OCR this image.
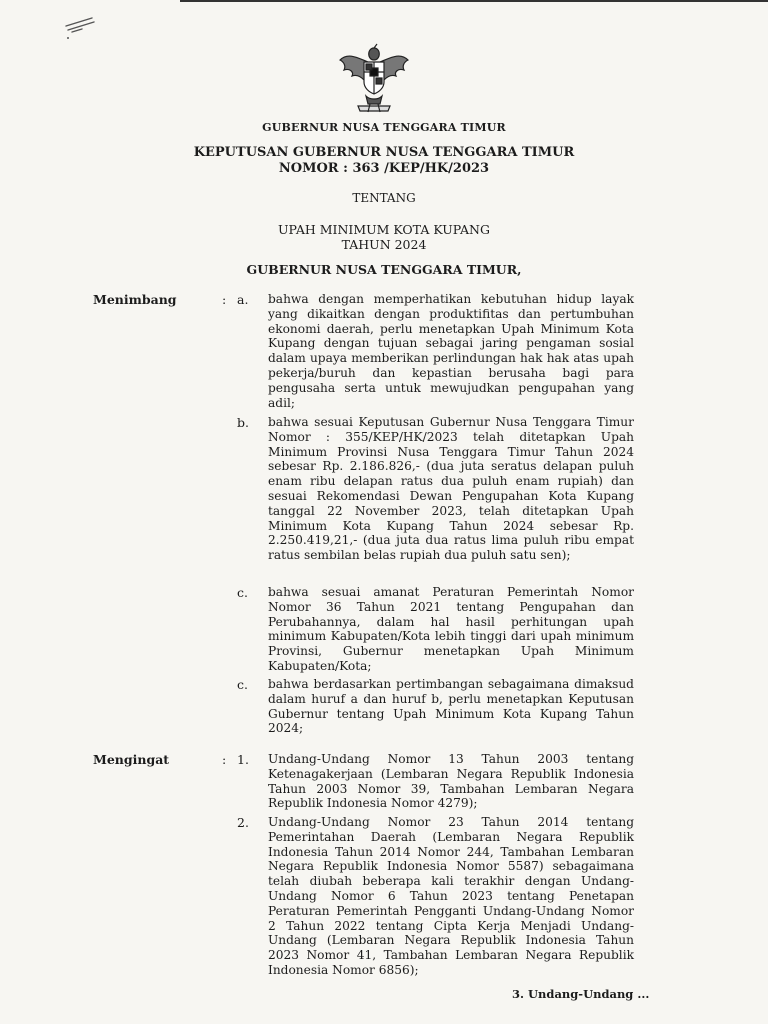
GUBERNUR NUSA TENGGARA TIMUR
KEPUTUSAN GUBERNUR NUSA TENGGARA TIMUR
NOMOR : 363 /KEP/HK/2023
TENTANG
UPAH MINIMUM KOTA KUPANG
TAHUN 2024
GUBERNUR NUSA TENGGARA TIMUR,
Menimbang	: a. bahwa dengan memperhatikan kebutuhan hidup layak yang dikaitkan dengan produktifitas dan pertumbuhan ekonomi daerah, perlu menetapkan Upah Minimum Kota Kupang dengan tujuan sebagai jaring pengaman sosial dalam upaya memberikan perlindungan hak hak atas upah pekerja/buruh dan kepastian berusaha bagi para pengusaha serta untuk mewujudkan pengupahan yang adil;
b. bahwa sesuai Keputusan Gubernur Nusa Tenggara Timur Nomor : 355/KEP/HK/2023 telah ditetapkan Upah Minimum Provinsi Nusa Tenggara Timur Tahun 2024 sebesar Rp. 2.186.826,- (dua juta seratus delapan puluh enam ribu delapan ratus dua puluh enam rupiah) dan sesuai Rekomendasi Dewan Pengupahan Kota Kupang tanggal 22 November 2023, telah ditetapkan Upah Minimum Kota Kupang Tahun 2024 sebesar Rp. 2.250.419,21,- (dua juta dua ratus lima puluh ribu empat ratus sembilan belas rupiah dua puluh satu sen);
c. bahwa sesuai amanat Peraturan Pemerintah Nomor Nomor 36 Tahun 2021 tentang Pengupahan dan Perubahannya, dalam hal hasil perhitungan upah minimum Kabupaten/Kota lebih tinggi dari upah minimum Provinsi, Gubernur menetapkan Upah Minimum Kabupaten/Kota;
c. bahwa berdasarkan pertimbangan sebagaimana dimaksud dalam huruf a dan huruf b, perlu menetapkan Keputusan Gubernur tentang Upah Minimum Kota Kupang Tahun 2024;
Mengingat	: 1. Undang-Undang Nomor 13 Tahun 2003 tentang Ketenagakerjaan (Lembaran Negara Republik Indonesia Tahun 2003 Nomor 39, Tambahan Lembaran Negara Republik Indonesia Nomor 4279);
2. Undang-Undang Nomor 23 Tahun 2014 tentang Pemerintahan Daerah (Lembaran Negara Republik Indonesia Tahun 2014 Nomor 244, Tambahan Lembaran Negara Republik Indonesia Nomor 5587) sebagaimana telah diubah beberapa kali terakhir dengan Undang-Undang Nomor 6 Tahun 2023 tentang Penetapan Peraturan Pemerintah Pengganti Undang-Undang Nomor 2 Tahun 2022 tentang Cipta Kerja Menjadi Undang-Undang (Lembaran Negara Republik Indonesia Tahun 2023 Nomor 41, Tambahan Lembaran Negara Republik Indonesia Nomor 6856);
3. Undang-Undang ...
